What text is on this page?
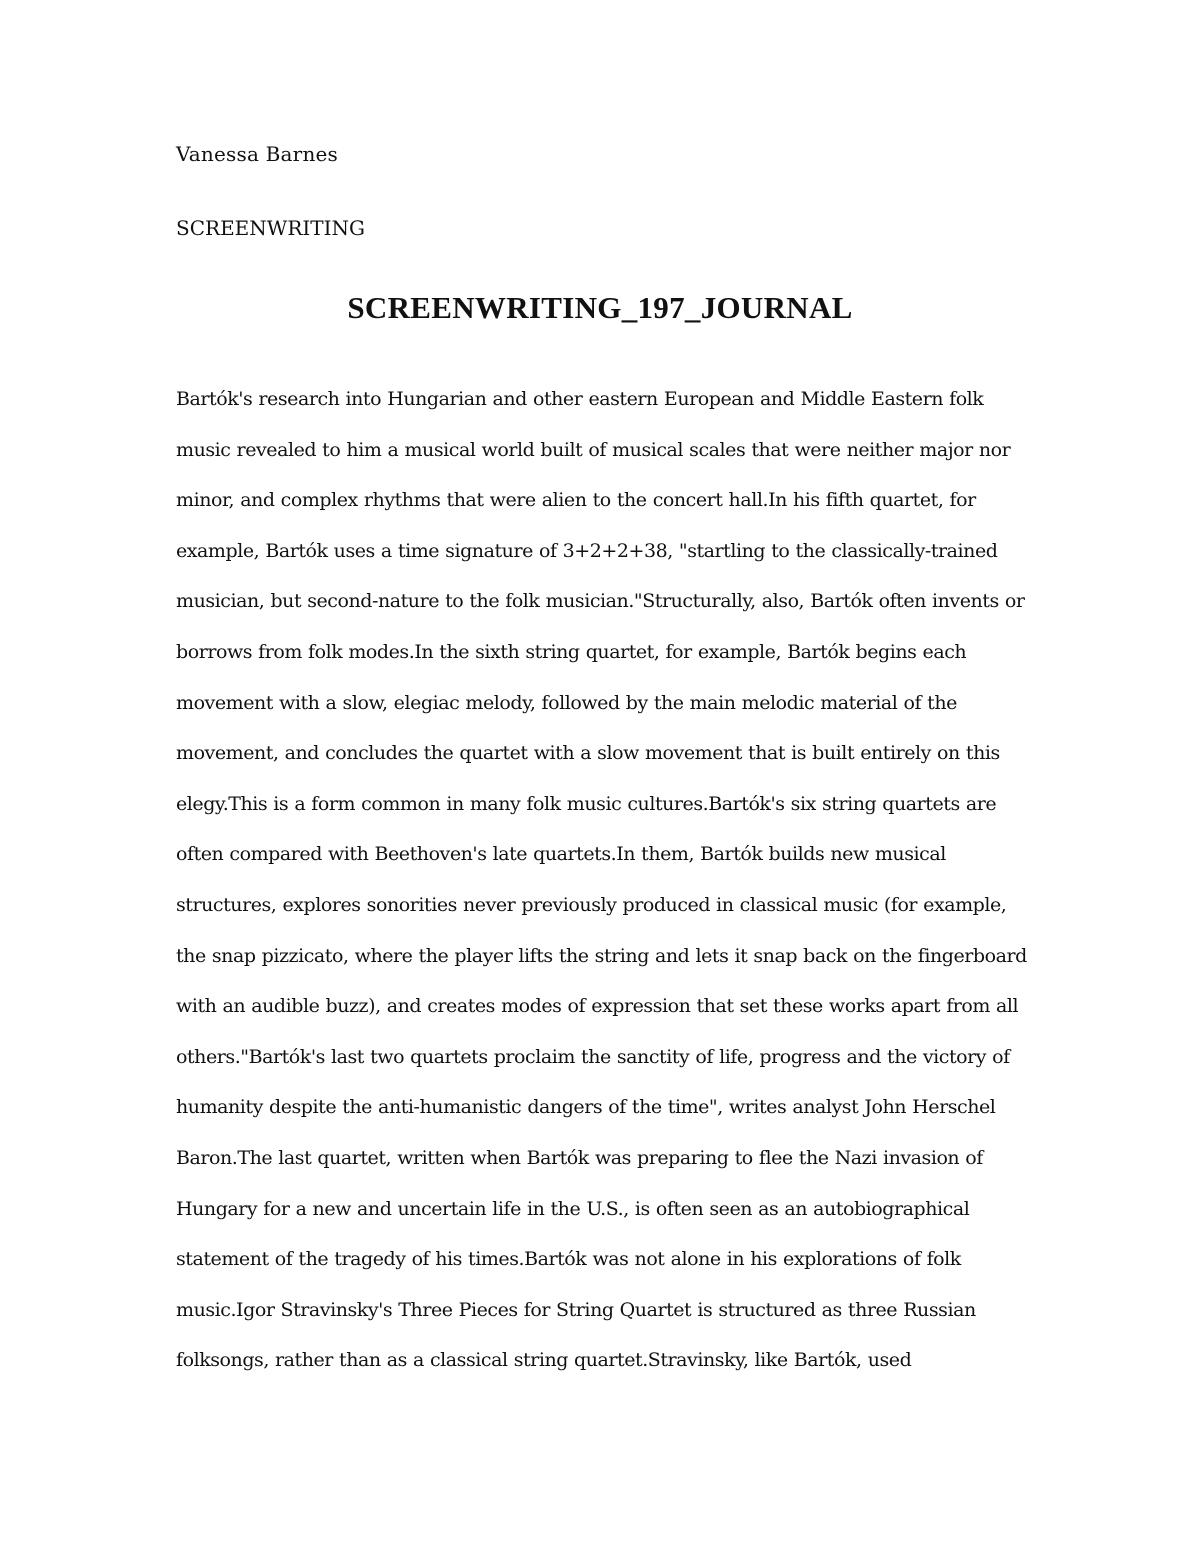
Vanessa Barnes
SCREENWRITING
SCREENWRITING_197_JOURNAL
Bartók's research into Hungarian and other eastern European and Middle Eastern folk
music revealed to him a musical world built of musical scales that were neither major nor
minor, and complex rhythms that were alien to the concert hall.In his fifth quartet, for
example, Bartók uses a time signature of 3+2+2+38, "startling to the classically-trained
musician, but second-nature to the folk musician."Structurally, also, Bartók often invents or
borrows from folk modes.In the sixth string quartet, for example, Bartók begins each
movement with a slow, elegiac melody, followed by the main melodic material of the
movement, and concludes the quartet with a slow movement that is built entirely on this
elegy.This is a form common in many folk music cultures.Bartók's six string quartets are
often compared with Beethoven's late quartets.In them, Bartók builds new musical
structures, explores sonorities never previously produced in classical music (for example,
the snap pizzicato, where the player lifts the string and lets it snap back on the fingerboard
with an audible buzz), and creates modes of expression that set these works apart from all
others."Bartók's last two quartets proclaim the sanctity of life, progress and the victory of
humanity despite the anti-humanistic dangers of the time", writes analyst John Herschel
Baron.The last quartet, written when Bartók was preparing to flee the Nazi invasion of
Hungary for a new and uncertain life in the U.S., is often seen as an autobiographical
statement of the tragedy of his times.Bartók was not alone in his explorations of folk
music.Igor Stravinsky's Three Pieces for String Quartet is structured as three Russian
folksongs, rather than as a classical string quartet.Stravinsky, like Bartók, used
